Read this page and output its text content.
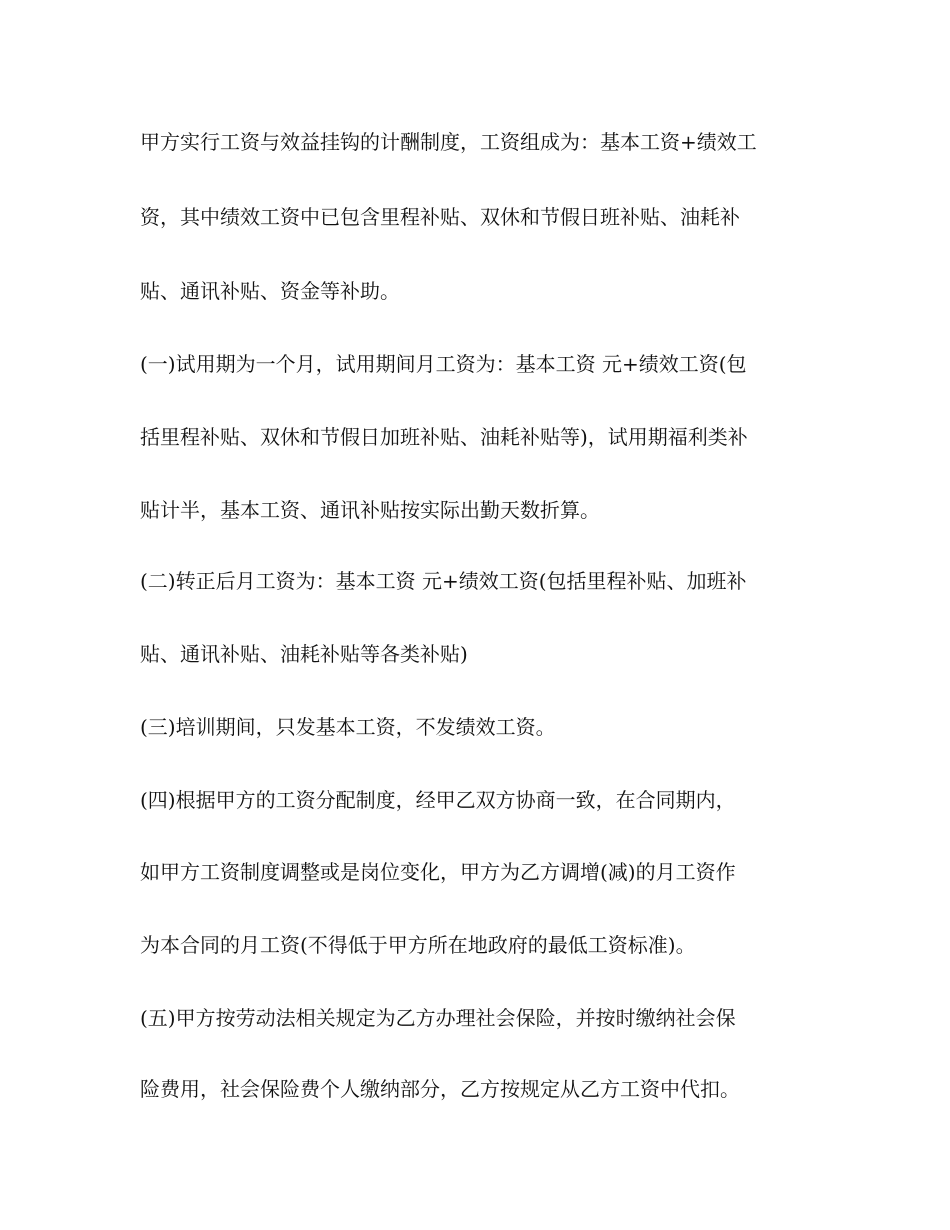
甲方实行工资与效益挂钩的计酬制度，工资组成为：基本工资+绩效工
资，其中绩效工资中已包含里程补贴、双休和节假日班补贴、油耗补
贴、通讯补贴、资金等补助。
(一)试用期为一个月，试用期间月工资为：基本工资 元+绩效工资(包
括里程补贴、双休和节假日加班补贴、油耗补贴等)，试用期福利类补
贴计半，基本工资、通讯补贴按实际出勤天数折算。
(二)转正后月工资为：基本工资 元+绩效工资(包括里程补贴、加班补
贴、通讯补贴、油耗补贴等各类补贴)
(三)培训期间，只发基本工资，不发绩效工资。
(四)根据甲方的工资分配制度，经甲乙双方协商一致，在合同期内，
如甲方工资制度调整或是岗位变化，甲方为乙方调增(减)的月工资作
为本合同的月工资(不得低于甲方所在地政府的最低工资标准)。
(五)甲方按劳动法相关规定为乙方办理社会保险，并按时缴纳社会保
险费用，社会保险费个人缴纳部分，乙方按规定从乙方工资中代扣。
